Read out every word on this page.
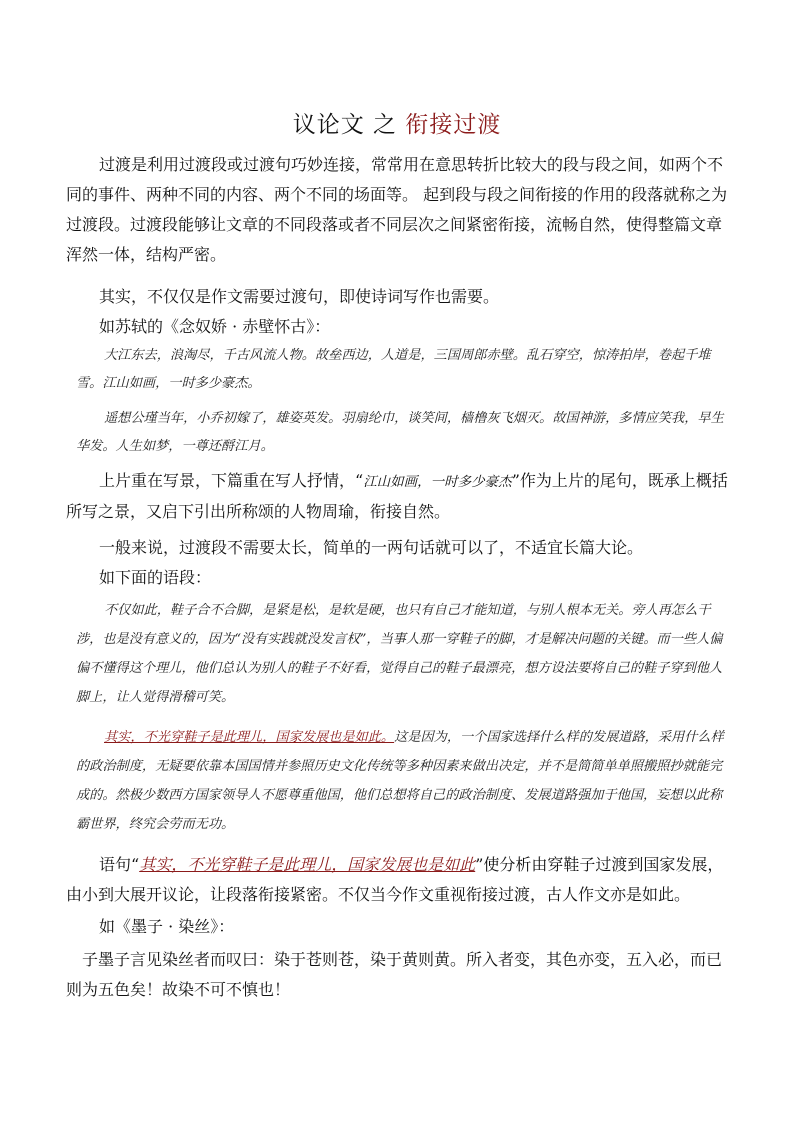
议论文 之 衔接过渡

过渡是利用过渡段或过渡句巧妙连接，常常用在意思转折比较大的段与段之间，如两个不同的事件、两种不同的内容、两个不同的场面等。 起到段与段之间衔接的作用的段落就称之为过渡段。过渡段能够让文章的不同段落或者不同层次之间紧密衔接，流畅自然，使得整篇文章浑然一体，结构严密。

其实，不仅仅是作文需要过渡句，即使诗词写作也需要。

如苏轼的《念奴娇 · 赤壁怀古》：

大江东去，浪淘尽，千古风流人物。故垒西边，人道是，三国周郎赤壁。乱石穿空，惊涛拍岸，卷起千堆雪。江山如画，一时多少豪杰。

遥想公瑾当年，小乔初嫁了，雄姿英发。羽扇纶巾，谈笑间，樯橹灰飞烟灭。故国神游，多情应笑我，早生华发。人生如梦，一尊还酹江月。

上片重在写景，下篇重在写人抒情，“江山如画，一时多少豪杰”作为上片的尾句，既承上概括所写之景，又启下引出所称颂的人物周瑜，衔接自然。

一般来说，过渡段不需要太长，简单的一两句话就可以了，不适宜长篇大论。

如下面的语段：

不仅如此，鞋子合不合脚，是紧是松，是软是硬，也只有自己才能知道，与别人根本无关。旁人再怎么干涉，也是没有意义的，因为“没有实践就没发言权”，当事人那一穿鞋子的脚，才是解决问题的关键。而一些人偏偏不懂得这个理儿，他们总认为别人的鞋子不好看，觉得自己的鞋子最漂亮，想方设法要将自己的鞋子穿到他人脚上，让人觉得滑稽可笑。

其实，不光穿鞋子是此理儿，国家发展也是如此。这是因为，一个国家选择什么样的发展道路，采用什么样的政治制度，无疑要依靠本国国情并参照历史文化传统等多种因素来做出决定，并不是简简单单照搬照抄就能完成的。然极少数西方国家领导人不愿尊重他国，他们总想将自己的政治制度、发展道路强加于他国，妄想以此称霸世界，终究会劳而无功。

语句“其实，不光穿鞋子是此理儿，国家发展也是如此”使分析由穿鞋子过渡到国家发展，由小到大展开议论，让段落衔接紧密。不仅当今作文重视衔接过渡，古人作文亦是如此。

如《墨子 · 染丝》：

子墨子言见染丝者而叹曰：染于苍则苍，染于黄则黄。所入者变，其色亦变，五入必，而已则为五色矣！故染不可不慎也！
